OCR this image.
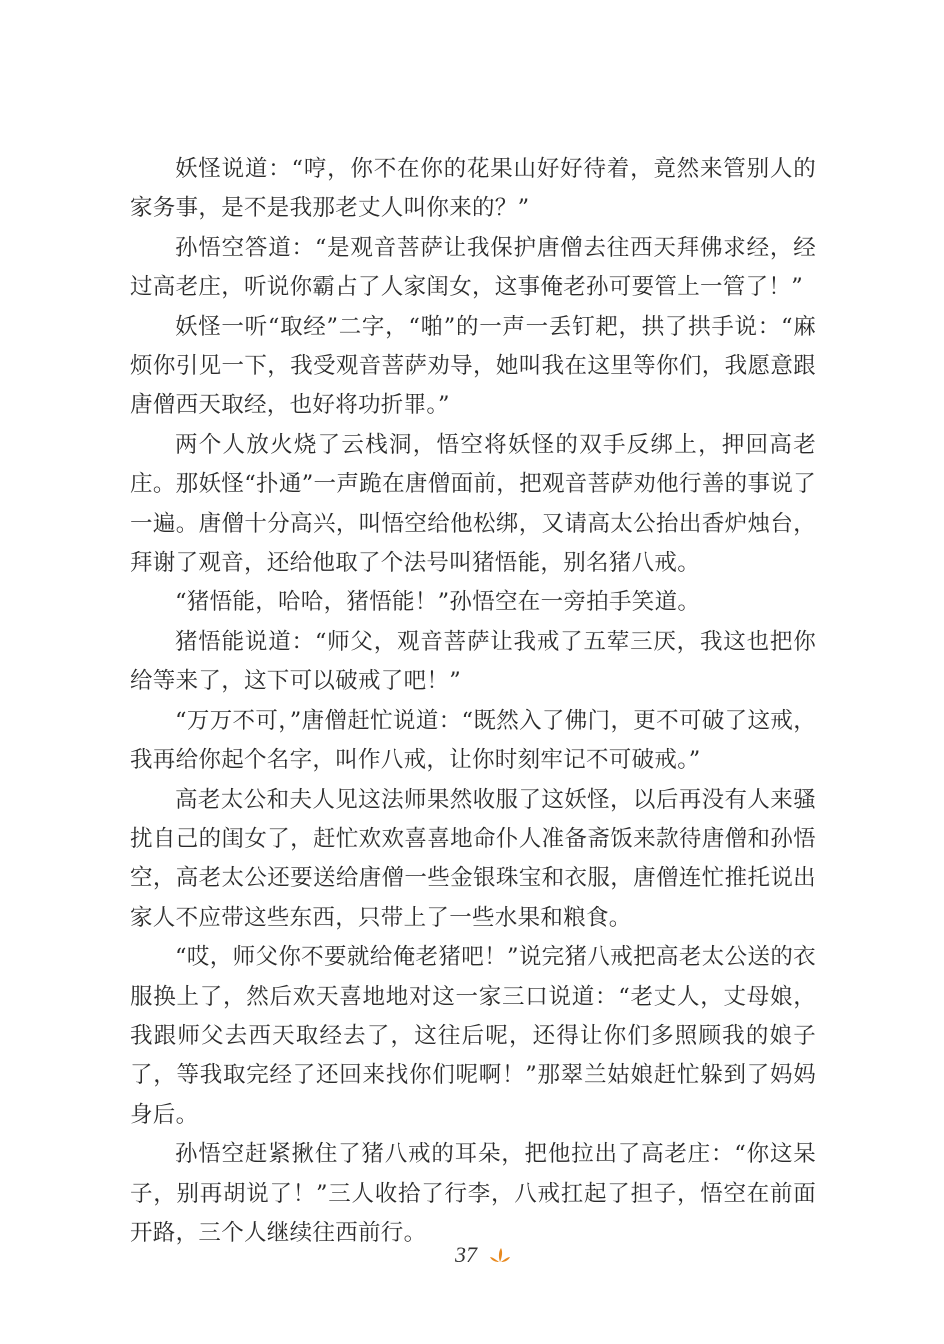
妖怪说道：“哼，你不在你的花果山好好待着，竟然来管别人的家务事，是不是我那老丈人叫你来的？”

孙悟空答道：“是观音菩萨让我保护唐僧去往西天拜佛求经，经过高老庄，听说你霸占了人家闺女，这事俺老孙可要管上一管了！”

妖怪一听“取经”二字，“啪”的一声一丢钉耙，拱了拱手说：“麻烦你引见一下，我受观音菩萨劝导，她叫我在这里等你们，我愿意跟唐僧西天取经，也好将功折罪。”

两个人放火烧了云栈洞，悟空将妖怪的双手反绑上，押回高老庄。那妖怪“扑通”一声跪在唐僧面前，把观音菩萨劝他行善的事说了一遍。唐僧十分高兴，叫悟空给他松绑，又请高太公抬出香炉烛台，拜谢了观音，还给他取了个法号叫猪悟能，别名猪八戒。

“猪悟能，哈哈，猪悟能！”孙悟空在一旁拍手笑道。

猪悟能说道：“师父，观音菩萨让我戒了五荤三厌，我这也把你给等来了，这下可以破戒了吧！”

“万万不可，”唐僧赶忙说道：“既然入了佛门，更不可破了这戒，我再给你起个名字，叫作八戒，让你时刻牢记不可破戒。”

高老太公和夫人见这法师果然收服了这妖怪，以后再没有人来骚扰自己的闺女了，赶忙欢欢喜喜地命仆人准备斋饭来款待唐僧和孙悟空，高老太公还要送给唐僧一些金银珠宝和衣服，唐僧连忙推托说出家人不应带这些东西，只带上了一些水果和粮食。

“哎，师父你不要就给俺老猪吧！”说完猪八戒把高老太公送的衣服换上了，然后欢天喜地地对这一家三口说道：“老丈人，丈母娘，我跟师父去西天取经去了，这往后呢，还得让你们多照顾我的娘子了，等我取完经了还回来找你们呢啊！”那翠兰姑娘赶忙躲到了妈妈身后。

孙悟空赶紧揪住了猪八戒的耳朵，把他拉出了高老庄：“你这呆子，别再胡说了！”三人收拾了行李，八戒扛起了担子，悟空在前面开路，三个人继续往西前行。

37
